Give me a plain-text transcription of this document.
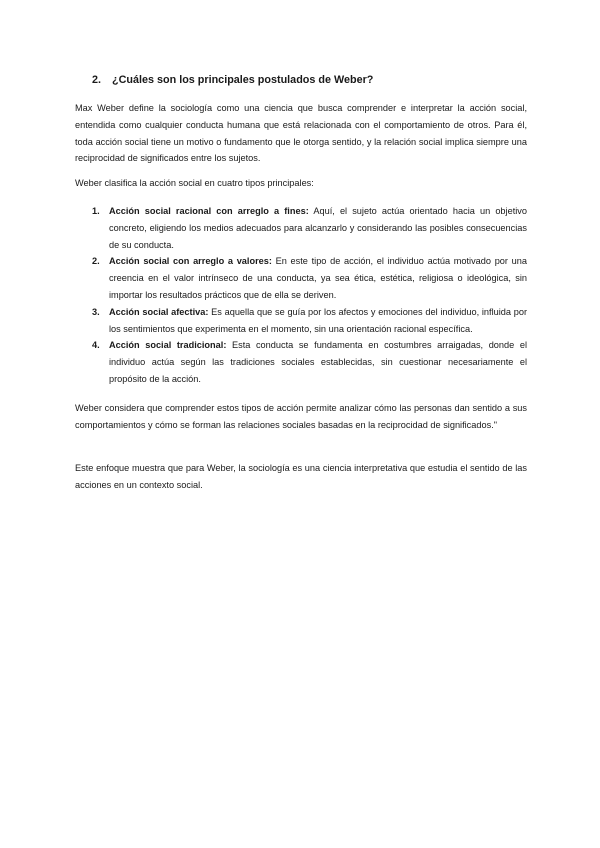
2. ¿Cuáles son los principales postulados de Weber?

Max Weber define la sociología como una ciencia que busca comprender e interpretar la acción social, entendida como cualquier conducta humana que está relacionada con el comportamiento de otros. Para él, toda acción social tiene un motivo o fundamento que le otorga sentido, y la relación social implica siempre una reciprocidad de significados entre los sujetos.

Weber clasifica la acción social en cuatro tipos principales:

1. Acción social racional con arreglo a fines: Aquí, el sujeto actúa orientado hacia un objetivo concreto, eligiendo los medios adecuados para alcanzarlo y considerando las posibles consecuencias de su conducta.
2. Acción social con arreglo a valores: En este tipo de acción, el individuo actúa motivado por una creencia en el valor intrínseco de una conducta, ya sea ética, estética, religiosa o ideológica, sin importar los resultados prácticos que de ella se deriven.
3. Acción social afectiva: Es aquella que se guía por los afectos y emociones del individuo, influida por los sentimientos que experimenta en el momento, sin una orientación racional específica.
4. Acción social tradicional: Esta conducta se fundamenta en costumbres arraigadas, donde el individuo actúa según las tradiciones sociales establecidas, sin cuestionar necesariamente el propósito de la acción.

Weber considera que comprender estos tipos de acción permite analizar cómo las personas dan sentido a sus comportamientos y cómo se forman las relaciones sociales basadas en la reciprocidad de significados."

Este enfoque muestra que para Weber, la sociología es una ciencia interpretativa que estudia el sentido de las acciones en un contexto social.
